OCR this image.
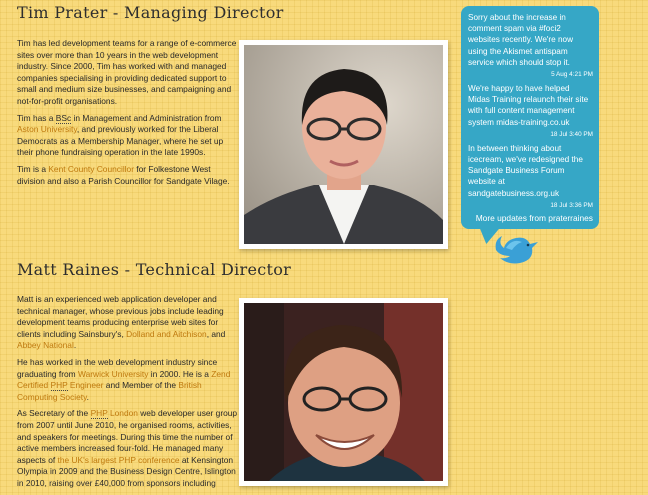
Tim Prater - Managing Director

Tim has led development teams for a range of e-commerce sites over more than 10 years in the web development industry. Since 2000, Tim has worked with and managed companies specialising in providing dedicated support to small and medium size businesses, and campaigning and not-for-profit organisations.

Tim has a BSc in Management and Administration from Aston University, and previously worked for the Liberal Democrats as a Membership Manager, where he set up their phone fundraising operation in the late 1990s.

Tim is a Kent County Councillor for Folkestone West division and also a Parish Councillor for Sandgate Vilage.

Matt Raines - Technical Director

Matt is an experienced web application developer and technical manager, whose previous jobs include leading development teams producing enterprise web sites for clients including Sainsbury's, Dolland and Aitchison, and Abbey National.

He has worked in the web development industry since graduating from Warwick University in 2000. He is a Zend Certified PHP Engineer and Member of the British Computing Society.

As Secretary of the PHP London web developer user group from 2007 until June 2010, he organised rooms, activities, and speakers for meetings. During this time the number of active members increased four-fold. He managed many aspects of the UK's largest PHP conference at Kensington Olympia in 2009 and the Business Design Centre, Islington in 2010, raising over £40,000 from sponsors including

Sorry about the increase in comment spam via #foci2 websites recently. We're now using the Akismet antispam service which should stop it.
5 Aug 4:21 PM
We're happy to have helped Midas Training relaunch their site with full content management system midas-training.co.uk
18 Jul 3:40 PM
In between thinking about icecream, we've redesigned the Sandgate Business Forum website at sandgatebusiness.org.uk
18 Jul 3:36 PM
More updates from praterraines
